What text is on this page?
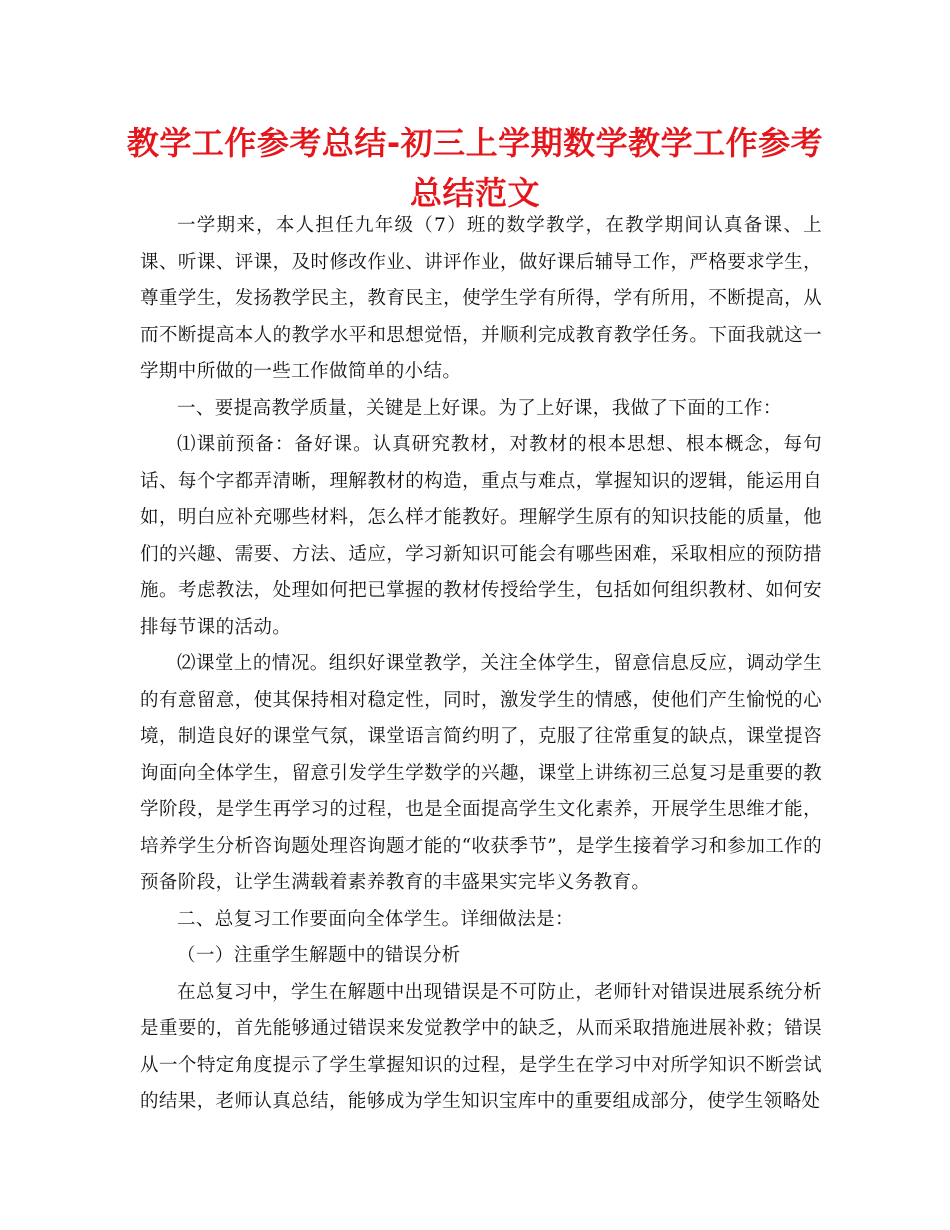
教学工作参考总结-初三上学期数学教学工作参考总结范文

一学期来，本人担任九年级（7）班的数学教学，在教学期间认真备课、上课、听课、评课，及时修改作业、讲评作业，做好课后辅导工作，严格要求学生，尊重学生，发扬教学民主，教育民主，使学生学有所得，学有所用，不断提高，从而不断提高本人的教学水平和思想觉悟，并顺利完成教育教学任务。下面我就这一学期中所做的一些工作做简单的小结。

一、要提高教学质量，关键是上好课。为了上好课，我做了下面的工作：

⑴课前预备：备好课。认真研究教材，对教材的根本思想、根本概念，每句话、每个字都弄清晰，理解教材的构造，重点与难点，掌握知识的逻辑，能运用自如，明白应补充哪些材料，怎么样才能教好。理解学生原有的知识技能的质量，他们的兴趣、需要、方法、适应，学习新知识可能会有哪些困难，采取相应的预防措施。考虑教法，处理如何把已掌握的教材传授给学生，包括如何组织教材、如何安排每节课的活动。

⑵课堂上的情况。组织好课堂教学，关注全体学生，留意信息反应，调动学生的有意留意，使其保持相对稳定性，同时，激发学生的情感，使他们产生愉悦的心境，制造良好的课堂气氛，课堂语言简约明了，克服了往常重复的缺点，课堂提咨询面向全体学生，留意引发学生学数学的兴趣，课堂上讲练初三总复习是重要的教学阶段，是学生再学习的过程，也是全面提高学生文化素养，开展学生思维才能，培养学生分析咨询题处理咨询题才能的“收获季节”，是学生接着学习和参加工作的预备阶段，让学生满载着素养教育的丰盛果实完毕义务教育。

二、总复习工作要面向全体学生。详细做法是：

（一）注重学生解题中的错误分析

在总复习中，学生在解题中出现错误是不可防止，老师针对错误进展系统分析是重要的，首先能够通过错误来发觉教学中的缺乏，从而采取措施进展补救；错误从一个特定角度提示了学生掌握知识的过程，是学生在学习中对所学知识不断尝试的结果，老师认真总结，能够成为学生知识宝库中的重要组成部分，使学生领略处
